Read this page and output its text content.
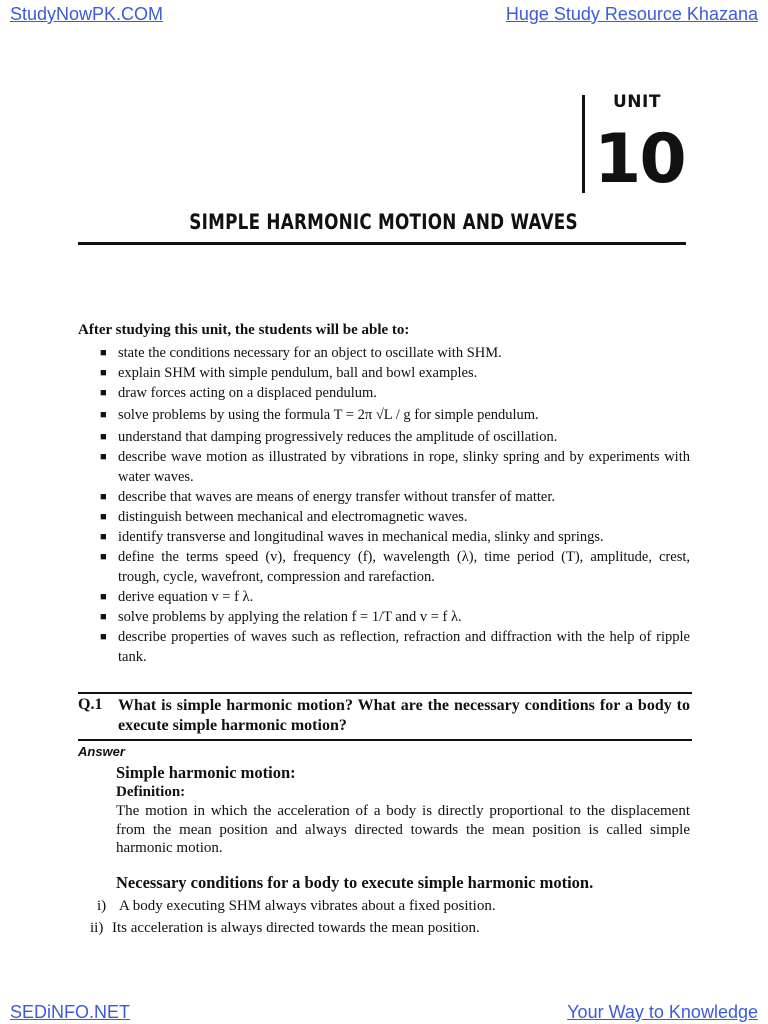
StudyNowPK.COM	Huge Study Resource Khazana
UNIT
10
SIMPLE HARMONIC MOTION AND WAVES
After studying this unit, the students will be able to:
■ state the conditions necessary for an object to oscillate with SHM.
■ explain SHM with simple pendulum, ball and bowl examples.
■ draw forces acting on a displaced pendulum.
■ solve problems by using the formula T = 2π √L / g for simple pendulum.
■ understand that damping progressively reduces the amplitude of oscillation.
■ describe wave motion as illustrated by vibrations in rope, slinky spring and by experiments with water waves.
■ describe that waves are means of energy transfer without transfer of matter.
■ distinguish between mechanical and electromagnetic waves.
■ identify transverse and longitudinal waves in mechanical media, slinky and springs.
■ define the terms speed (v), frequency (f), wavelength (λ), time period (T), amplitude, crest, trough, cycle, wavefront, compression and rarefaction.
■ derive equation v = f λ.
■ solve problems by applying the relation f = 1/T and v = f λ.
■ describe properties of waves such as reflection, refraction and diffraction with the help of ripple tank.
Q.1 What is simple harmonic motion? What are the necessary conditions for a body to execute simple harmonic motion?
Answer
Simple harmonic motion:
Definition:
The motion in which the acceleration of a body is directly proportional to the displacement from the mean position and always directed towards the mean position is called simple harmonic motion.
Necessary conditions for a body to execute simple harmonic motion.
i) A body executing SHM always vibrates about a fixed position.
ii) Its acceleration is always directed towards the mean position.
SEDiNFO.NET	Your Way to Knowledge
